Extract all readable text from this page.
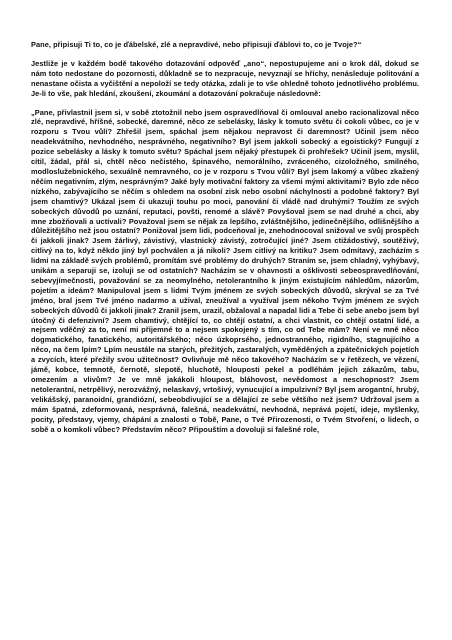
Pane, připisuji Ti to, co je ďábelské, zlé a nepravdivé, nebo připisuji ďáblovi to, co je Tvoje?“

Jestliže je v každém bodě takového dotazování odpověď „ano“, nepostupujeme ani o krok dál, dokud se nám toto nedostane do pozornosti, důkladně se to nezpracuje, nevyznají se hříchy, nenásleduje politování a nenastane očista a vyčištění a nepoloží se tedy otázka, zdali je to vše ohledně tohoto jednotlivého problému. Je-li to vše, pak hledání, zkoušení, zkoumání a dotazování pokračuje následovně:

„Pane, přivlastnil jsem si, v sobě ztotožnil nebo jsem ospravedlňoval či omlouval anebo racionalizoval něco zlé, nepravdivé, hříšné, sobecké, daremné, něco ze sebeláskу, lásky k tomuto světu či cokoli vůbec, co je v rozporu s Tvou vůlí? Zhřešil jsem, spáchal jsem nějakou nepravost či daremnost? Učinil jsem něco neadekvátního, nevhodného, nesprávného, negativního? Byl jsem jakkoli sobecký a egoistický? Fungují z pozice sebelásky a lásky k tomuto světu? Spáchal jsem nějaký přestupek či prohřešek? Učinil jsem, myslil, cítil, žádal, přál si, chtěl něco nečistého, špinavého, nemorálního, zvráceného, cizoložného, smilného, modloslužebnického, sexuálně nemravného, co je v rozporu s Tvou vůlí? Byl jsem lakomý a vůbec zkažený něčím negativním, zlým, nesprávným? Jaké byly motivační faktory za všemi mými aktivitami? Bylo zde něco nízkého, zabývajícího se něčím s ohledem na osobní zisk nebo osobní náchylnosti a podobné faktory? Byl jsem chamtivý? Ukázal jsem či ukazuji touhu po moci, panování či vládě nad druhými? Toužím ze svých sobeckých důvodů po uznání, reputaci, povšti, renomé a slávě? Povyšoval jsem se nad druhé a chci, aby mne zbožňovali a uctívali? Považoval jsem se nějak za lepšího, zvláštnějšího, jedinečnějšího, odlišnějšího a důležitějšího než jsou ostatní? Ponižoval jsem lidi, podceňoval je, znehodnocoval snižoval ve svůj prospěch či jakkoli jinak? Jsem žárlivý, závistivý, vlastnický závistý, zotročující jiné? Jsem ctižádostivý, soutěživý, citlivý na to, když někdo jiný byl pochválen a já nikoli? Jsem citlivý na kritiku? Jsem odmítavý, zacházím s lidmi na základě svých problémů, promítám své problémy do druhých? Straním se, jsem chladný, vyhýbavý, unikám a separuji se, izoluji se od ostatních? Nacházím se v ohavnosti a ošklivosti sebeospravedlňování, sebevyjímečnosti, považování se za neomylného, netolerantního k jiným existujícím náhledům, názorům, pojetím a ideám? Manipuloval jsem s lidmi Tvým jménem ze svých sobeckých důvodů, skrýval se za Tvé jméno, bral jsem Tvé jméno nadarmo a užíval, zneužíval a využíval jsem někoho Tvým jménem ze svých sobeckých důvodů či jakkoli jinak? Zranil jsem, urazil, obžaloval a napadal lidi a Tebe či sebe anebo jsem byl útočný či defenzivní? Jsem chamtivý, chtějící to, co chtějí ostatní, a chci vlastnit, co chtějí ostatní lidé, a nejsem vděčný za to, není mi příjemné to a nejsem spokojený s tím, co od Tebe mám? Není ve mně něco dogmatického, fanatického, autoritářského; něco úzkoprsého, jednostranného, rigidního, stagnujícího a něco, na čem lpím? Lpím neustále na starých, přežitých, zastaralých, vyměděných a zpátečnických pojetích a zvycích, které přežily svou užitečnost? Ovlivňuje mě něco takového? Nacházím se v řetězech, ve vězení, jámě, kobce, temnotě, černotě, slepotě, hluchotě, hlouposti pekel a podléhám jejich zákazům, tabu, omezením a vlivům? Je ve mně jakákoli hloupost, bláhovost, nevědomost a neschopnost? Jsem netolerantní, netrpělivý, nerozvážný, nelaskavý, vrtošivý, vynucující a impulzivní? Byl jsem arogantní, hrubý, velikášský, paranoidní, grandiózní, sebeobdivující se a dělající ze sebe většího než jsem? Udržoval jsem a mám špatná, zdeformovaná, nesprávná, falešná, neadekvátní, nevhodná, neprává pojetí, ideje, myšlenky, pocity, představy, vjemy, chápání a znalosti o Tobě, Pane, o Tvé Přirozenosti, o Tvém Stvoření, o lidech, o sobě a o komkoli vůbec? Představím něco? Připouštím a dovoluji si falešné role,
